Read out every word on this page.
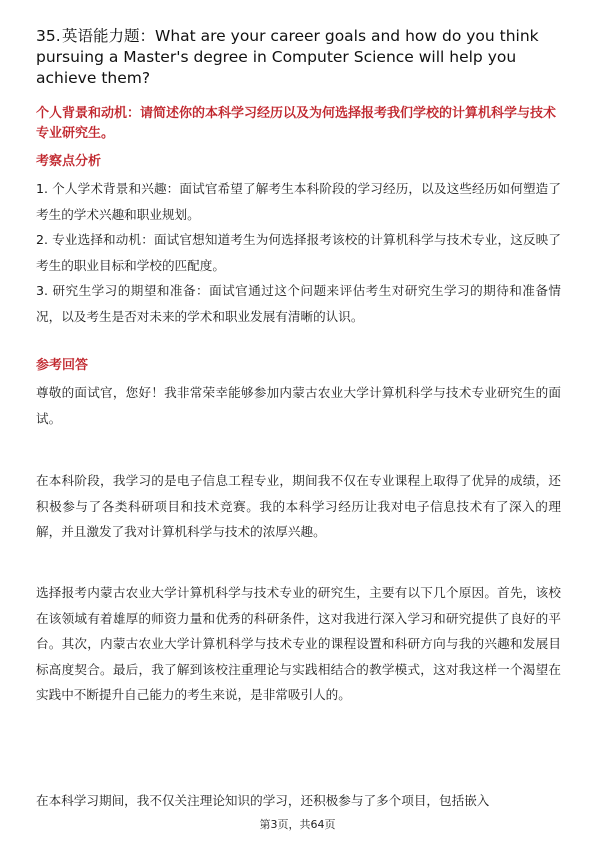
35.英语能力题：What are your career goals and how do you think pursuing a Master's degree in Computer Science will help you achieve them?
个人背景和动机：请简述你的本科学习经历以及为何选择报考我们学校的计算机科学与技术专业研究生。
考察点分析

1. 个人学术背景和兴趣：面试官希望了解考生本科阶段的学习经历，以及这些经历如何塑造了考生的学术兴趣和职业规划。

2. 专业选择和动机：面试官想知道考生为何选择报考该校的计算机科学与技术专业，这反映了考生的职业目标和学校的匹配度。

3. 研究生学习的期望和准备：面试官通过这个问题来评估考生对研究生学习的期待和准备情况，以及考生是否对未来的学术和职业发展有清晰的认识。

参考回答
尊敬的面试官，您好！我非常荣幸能够参加内蒙古农业大学计算机科学与技术专业研究生的面试。
在本科阶段，我学习的是电子信息工程专业，期间我不仅在专业课程上取得了优异的成绩，还积极参与了各类科研项目和技术竞赛。我的本科学习经历让我对电子信息技术有了深入的理解，并且激发了我对计算机科学与技术的浓厚兴趣。
选择报考内蒙古农业大学计算机科学与技术专业的研究生，主要有以下几个原因。首先，该校在该领域有着雄厚的师资力量和优秀的科研条件，这对我进行深入学习和研究提供了良好的平台。其次，内蒙古农业大学计算机科学与技术专业的课程设置和科研方向与我的兴趣和发展目标高度契合。最后，我了解到该校注重理论与实践相结合的教学模式，这对我这样一个渴望在实践中不断提升自己能力的考生来说，是非常吸引人的。
在本科学习期间，我不仅关注理论知识的学习，还积极参与了多个项目，包括嵌入
第3页，共64页
